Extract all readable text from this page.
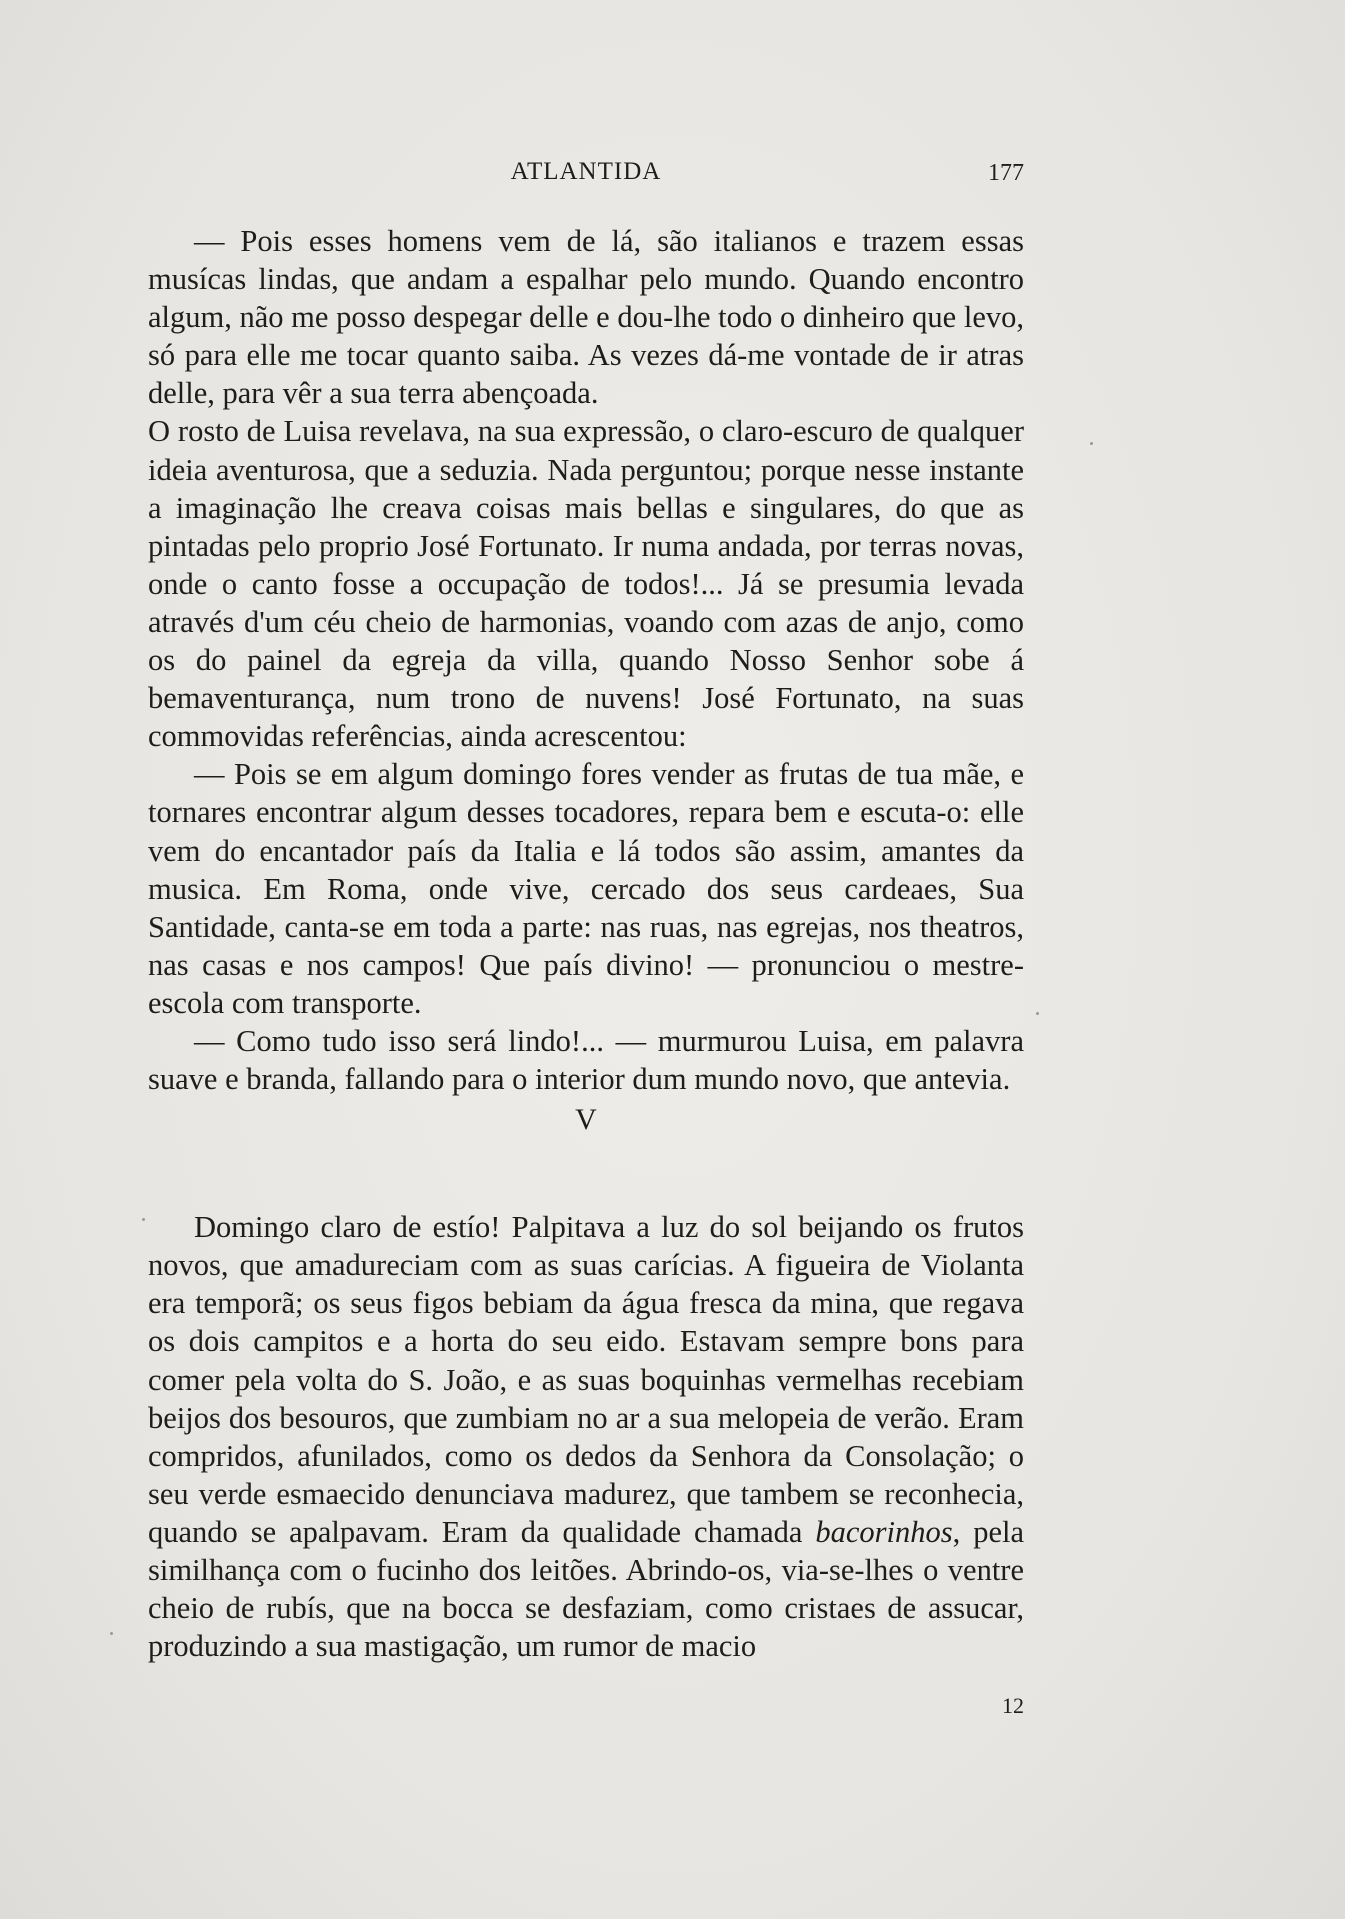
ATLANTIDA	177

— Pois esses homens vem de lá, são italianos e trazem essas musícas lindas, que andam a espalhar pelo mundo. Quando encontro algum, não me posso despegar delle e dou-lhe todo o dinheiro que levo, só para elle me tocar quanto saiba. As vezes dá-me vontade de ir atras delle, para vêr a sua terra abençoada.

O rosto de Luisa revelava, na sua expressão, o claro-escuro de qualquer ideia aventurosa, que a seduzia. Nada perguntou; porque nesse instante a imaginação lhe creava coisas mais bellas e singulares, do que as pintadas pelo proprio José Fortunato. Ir numa andada, por terras novas, onde o canto fosse a occupação de todos!... Já se presumia levada através d'um céu cheio de harmonias, voando com azas de anjo, como os do painel da egreja da villa, quando Nosso Senhor sobe á bemaventurança, num trono de nuvens! José Fortunato, na suas commovidas referências, ainda acrescentou:

— Pois se em algum domingo fores vender as frutas de tua mãe, e tornares encontrar algum desses tocadores, repara bem e escuta-o: elle vem do encantador país da Italia e lá todos são assim, amantes da musica. Em Roma, onde vive, cercado dos seus cardeaes, Sua Santidade, canta-se em toda a parte: nas ruas, nas egrejas, nos theatros, nas casas e nos campos! Que país divino! — pronunciou o mestre-escola com transporte.

— Como tudo isso será lindo!... — murmurou Luisa, em palavra suave e branda, fallando para o interior dum mundo novo, que antevia.

V

Domingo claro de estío! Palpitava a luz do sol beijando os frutos novos, que amadureciam com as suas carícias. A figueira de Violanta era temporã; os seus figos bebiam da água fresca da mina, que regava os dois campitos e a horta do seu eido. Estavam sempre bons para comer pela volta do S. João, e as suas boquinhas vermelhas recebiam beijos dos besouros, que zumbiam no ar a sua melopeia de verão. Eram compridos, afunilados, como os dedos da Senhora da Consolação; o seu verde esmaecido denunciava madurez, que tambem se reconhecia, quando se apalpavam. Eram da qualidade chamada bacorinhos, pela similhança com o fucinho dos leitões. Abrindo-os, via-se-lhes o ventre cheio de rubís, que na bocca se desfaziam, como cristaes de assucar, produzindo a sua mastigação, um rumor de macio

12
